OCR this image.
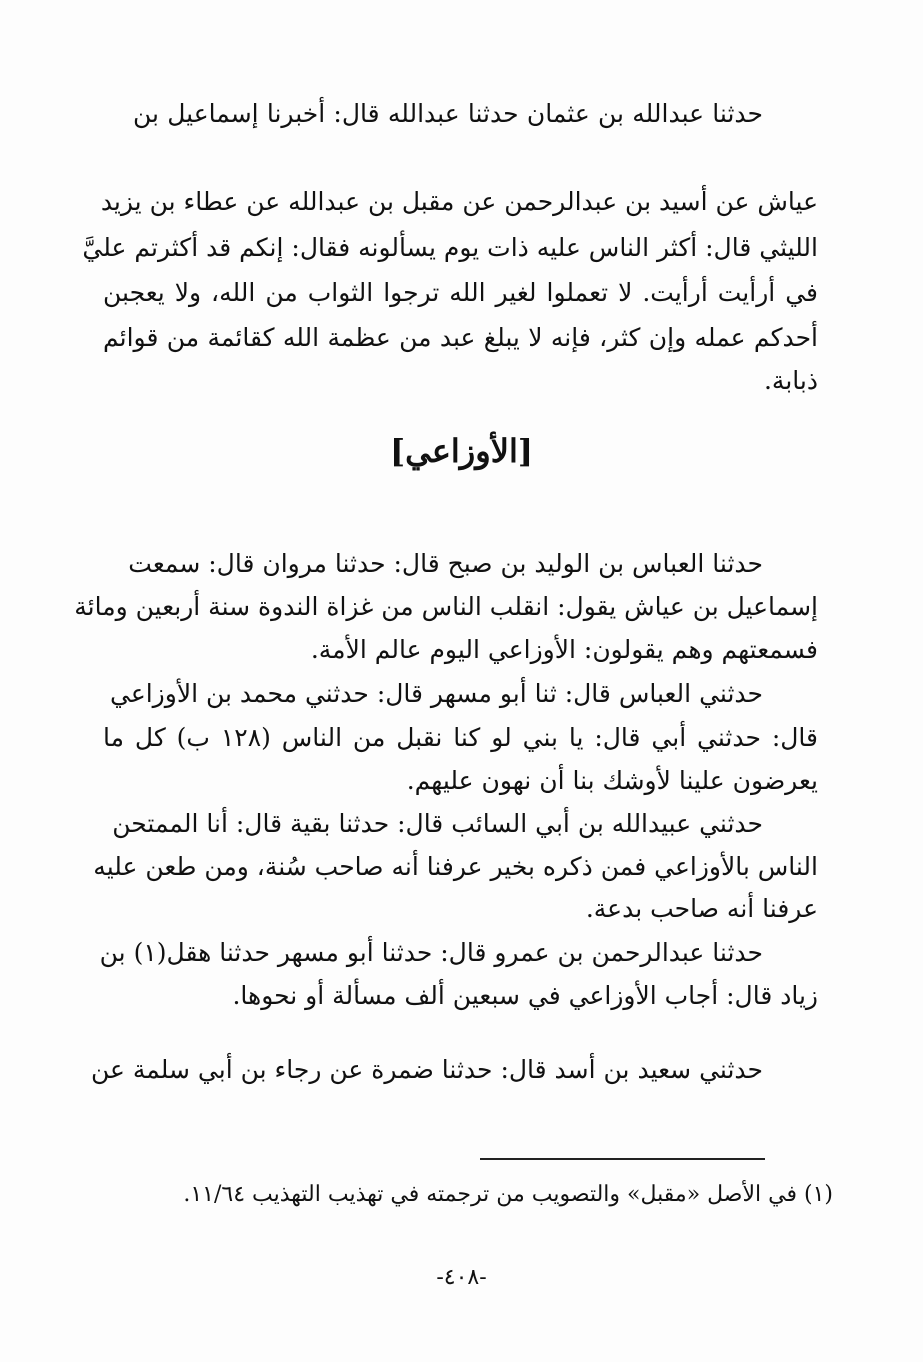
حدثنا عبدالله بن عثمان حدثنا عبدالله قال: أخبرنا إسماعيل بن
عياش عن أسيد بن عبدالرحمن عن مقبل بن عبدالله عن عطاء بن يزيد
الليثي قال: أكثر الناس عليه ذات يوم يسألونه فقال: إنكم قد أكثرتم عليَّ
في أرأيت أرأيت. لا تعملوا لغير الله ترجوا الثواب من الله، ولا يعجبن
أحدكم عمله وإن كثر، فإنه لا يبلغ عبد من عظمة الله كقائمة من قوائم
ذبابة.
[الأوزاعي]
حدثنا العباس بن الوليد بن صبح قال: حدثنا مروان قال: سمعت
إسماعيل بن عياش يقول: انقلب الناس من غزاة الندوة سنة أربعين ومائة
فسمعتهم وهم يقولون: الأوزاعي اليوم عالم الأمة.
حدثني العباس قال: ثنا أبو مسهر قال: حدثني محمد بن الأوزاعي
قال: حدثني أبي قال: يا بني لو كنا نقبل من الناس (١٢٨ ب) كل ما
يعرضون علينا لأوشك بنا أن نهون عليهم.
حدثني عبيدالله بن أبي السائب قال: حدثنا بقية قال: أنا الممتحن
الناس بالأوزاعي فمن ذكره بخير عرفنا أنه صاحب سُنة، ومن طعن عليه
عرفنا أنه صاحب بدعة.
حدثنا عبدالرحمن بن عمرو قال: حدثنا أبو مسهر حدثنا هقل(١) بن
زياد قال: أجاب الأوزاعي في سبعين ألف مسألة أو نحوها.
حدثني سعيد بن أسد قال: حدثنا ضمرة عن رجاء بن أبي سلمة عن
(١) في الأصل «مقبل» والتصويب من ترجمته في تهذيب التهذيب ١١/٦٤.
-٤٠٨-
